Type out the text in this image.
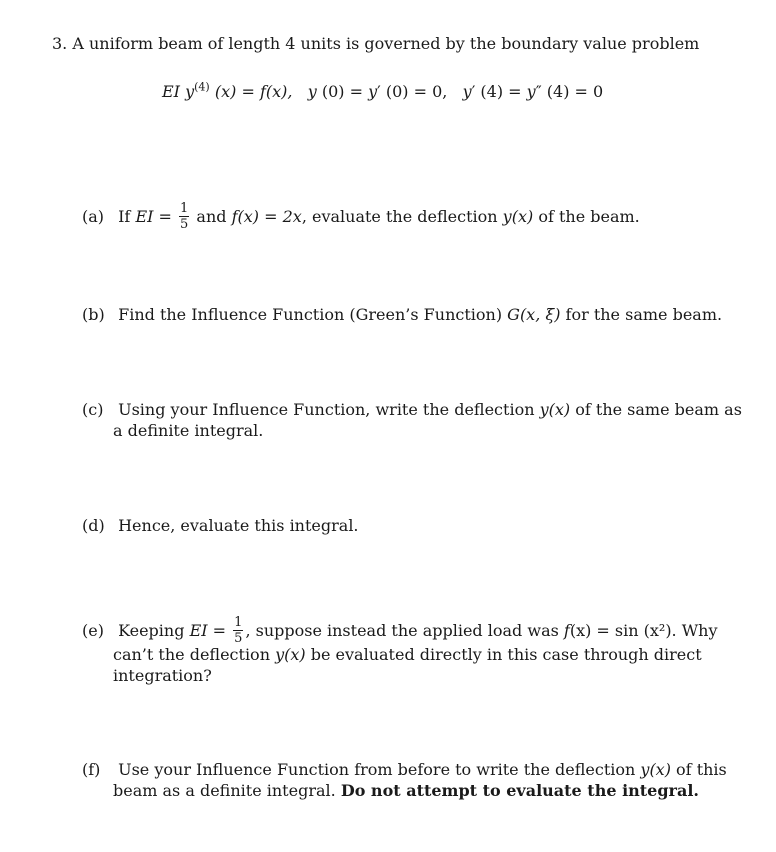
3. A uniform beam of length 4 units is governed by the boundary value problem
EI $y^{(4)}$ (x) = f(x), y (0) = y′ (0) = 0, y′ (4) = y″ (4) = 0
(a) If EI = $\frac{1}{5}$ and f(x) = 2x, evaluate the deflection y(x) of the beam.
(b) Find the Influence Function (Green’s Function) G(x, ξ) for the same beam.
(c) Using your Influence Function, write the deflection y(x) of the same beam as
a definite integral.
(d) Hence, evaluate this integral.
(e) Keeping EI = $\frac{1}{5}$ , suppose instead the applied load was f(x) = sin (x²). Why
can’t the deflection y(x) be evaluated directly in this case through direct
integration?
(f) Use your Influence Function from before to write the deflection y(x) of this
beam as a definite integral. Do not attempt to evaluate the integral.
